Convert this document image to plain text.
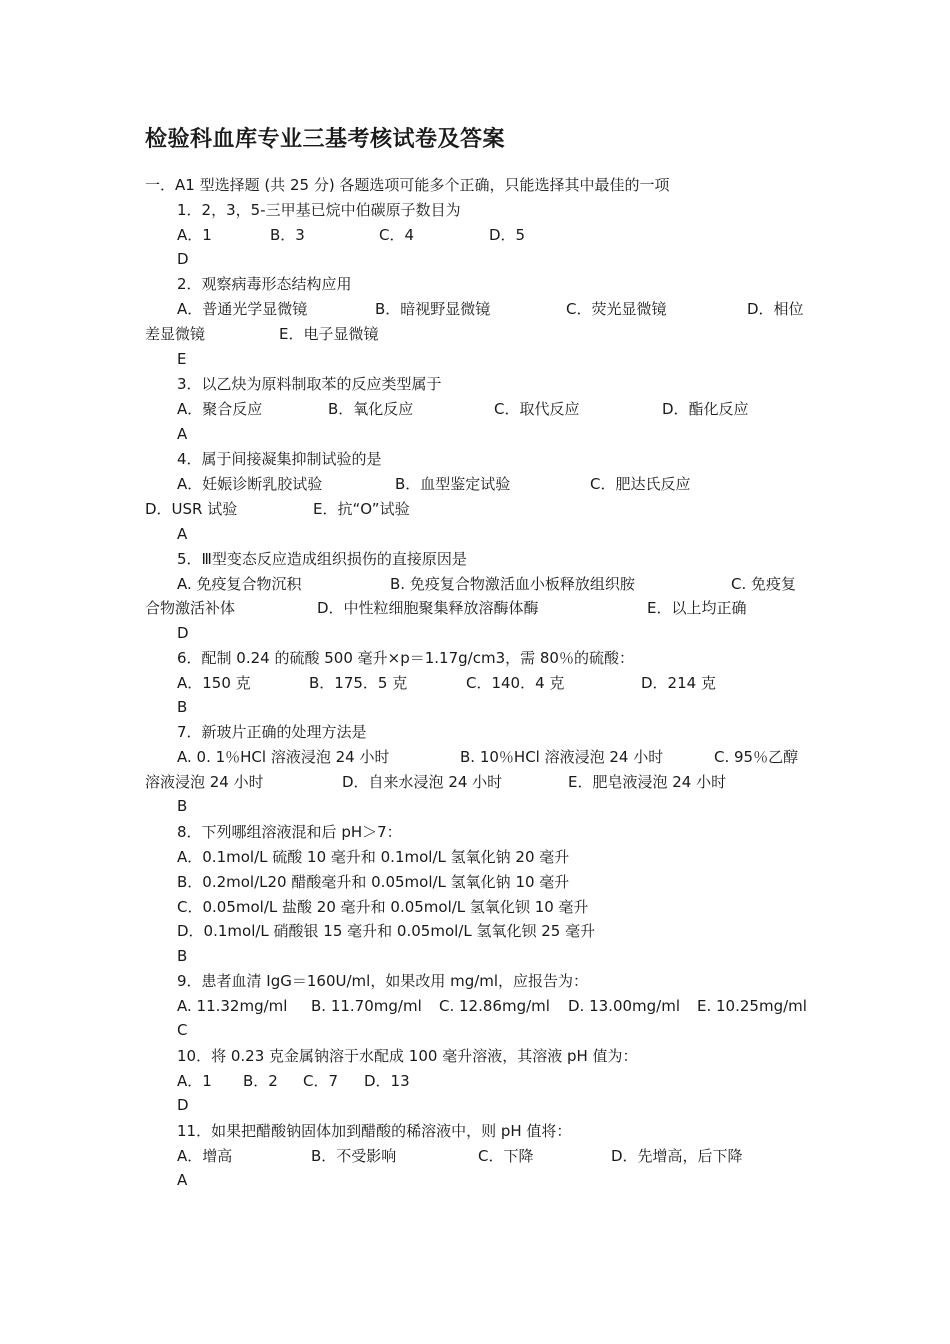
检验科血库专业三基考核试卷及答案
一．A1 型选择题 (共 25 分) 各题选项可能多个正确，只能选择其中最佳的一项
1．2，3，5-三甲基已烷中伯碳原子数目为
A．1	B．3	C．4	D．5
D
2．观察病毒形态结构应用
A．普通光学显微镜	B．暗视野显微镜	C．荧光显微镜	D．相位
差显微镜	E．电子显微镜
E
3．以乙炔为原料制取苯的反应类型属于
A．聚合反应	B．氧化反应	C．取代反应	D．酯化反应
A
4．属于间接凝集抑制试验的是
A．妊娠诊断乳胶试验	B．血型鉴定试验	C．肥达氏反应
D．USR 试验	E．抗“O”试验
A
5．Ⅲ型变态反应造成组织损伤的直接原因是
A. 免疫复合物沉积	B. 免疫复合物激活血小板释放组织胺	C. 免疫复
合物激活补体	D．中性粒细胞聚集释放溶酶体酶	E．以上均正确
D
6．配制 0.24 的硫酸 500 毫升×p＝1.17g/cm3，需 80％的硫酸：
A．150 克	B．175．5 克	C．140．4 克	D．214 克
B
7．新玻片正确的处理方法是
A. 0. 1％HCl 溶液浸泡 24 小时	B. 10％HCl 溶液浸泡 24 小时	C. 95％乙醇
溶液浸泡 24 小时	D．自来水浸泡 24 小时	E．肥皂液浸泡 24 小时
B
8．下列哪组溶液混和后 pH＞7：
A．0.1mol/L 硫酸 10 毫升和 0.1mol/L 氢氧化钠 20 毫升
B．0.2mol/L20 醋酸毫升和 0.05mol/L 氢氧化钠 10 毫升
C．0.05mol/L 盐酸 20 毫升和 0.05mol/L 氢氧化钡 10 毫升
D．0.1mol/L 硝酸银 15 毫升和 0.05mol/L 氢氧化钡 25 毫升
B
9．患者血清 IgG＝160U/ml，如果改用 mg/ml，应报告为：
A. 11.32mg/ml B. 11.70mg/ml C. 12.86mg/ml D. 13.00mg/ml E. 10.25mg/ml
C
10．将 0.23 克金属钠溶于水配成 100 毫升溶液，其溶液 pH 值为：
A．1 B．2 C．7 D．13
D
11．如果把醋酸钠固体加到醋酸的稀溶液中，则 pH 值将：
A．增高	B．不受影响	C．下降	D．先增高，后下降
A
